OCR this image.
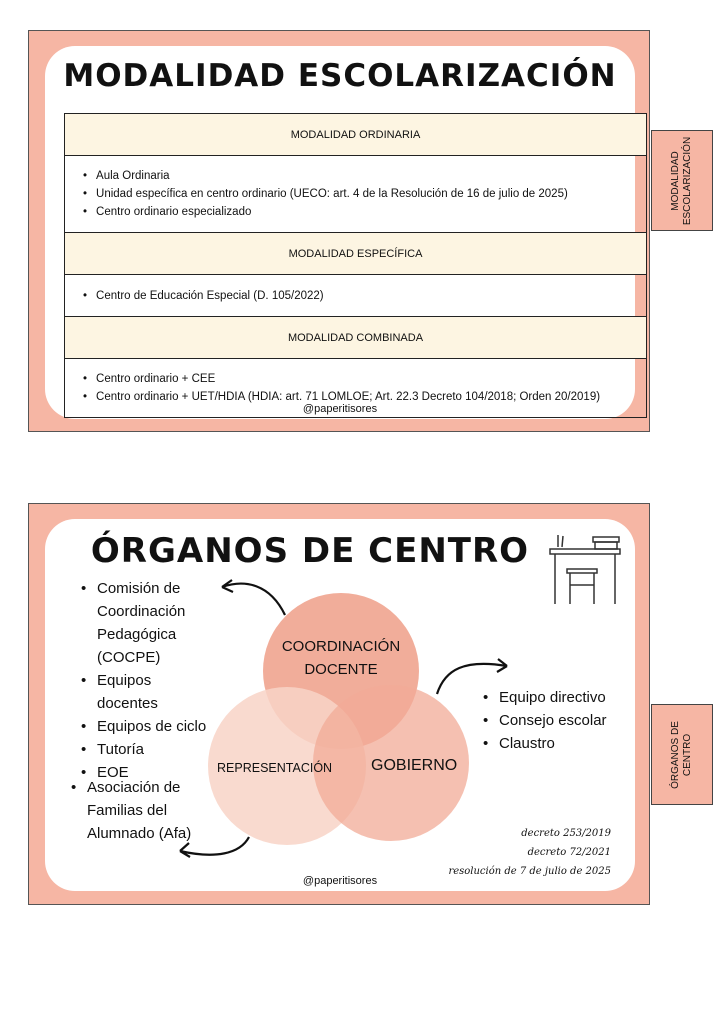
MODALIDAD ESCOLARIZACIÓN
MODALIDAD ORDINARIA
• Aula Ordinaria
• Unidad específica en centro ordinario (UECO: art. 4 de la Resolución de 16 de julio de 2025)
• Centro ordinario especializado
MODALIDAD ESPECÍFICA
• Centro de Educación Especial (D. 105/2022)
MODALIDAD COMBINADA
• Centro ordinario + CEE
• Centro ordinario + UET/HDIA (HDIA: art. 71 LOMLOE; Art. 22.3 Decreto 104/2018; Orden 20/2019)
@paperitisores
MODALIDAD
ESCOLARIZACIÓN
ÓRGANOS DE CENTRO
COORDINACIÓN DOCENTE
REPRESENTACIÓN GOBIERNO
• Comisión de Coordinación Pedagógica (COCPE)
• Equipos docentes
• Equipos de ciclo
• Tutoría
• EOE
• Equipo directivo
• Consejo escolar
• Claustro
• Asociación de Familias del Alumnado (Afa)	decreto 253/2019
decreto 72/2021
resolución de 7 de julio de 2025
@paperitisores
ÓRGANOS DE
CENTRO
